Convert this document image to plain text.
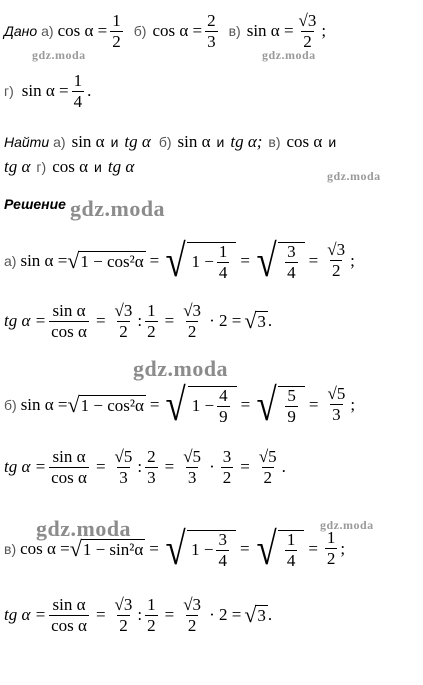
gdz.moda	gdz.moda
gdz.moda
gdz.moda
gdz.moda
gdz.moda	gdz.moda
Дано а) $\cos \alpha = \frac{1}{2} б$) $\cos \alpha = \frac{2}{3} в$) $\sin \alpha = \frac{√3}{2}$ ;
г) $\sin \alpha = \frac{1}{4}$ .
Найти а) sin α и tg α б) sin α и tg α; в) cos α и
tg α г) cos α и tg α
Решение
а) sin α = √ 1 − cos²α = √ $1 - \frac{1}{4}$ = √ $\frac{3}{4} = \frac{√3}{2}$ ;
tg $\alpha = \frac{\text{sin α}}{\text{cos α}} = \frac{√3}{2}$ : $\frac{1}{2} = \frac{√3}{2} \cdot 2$ = √ 3 .
б) sin α = √ 1 − cos²α = √ $1 - \frac{4}{9}$ = √ $\frac{5}{9} = \frac{√5}{3}$ ;
tg $\alpha = \frac{\text{sin α}}{\text{cos α}} = \frac{√5}{3}$ : $\frac{2}{3} = \frac{√5}{3} \cdot \frac{3}{2} = \frac{√5}{2}$ .
в) cos α = √ 1 − sin²α = √ $1 - \frac{3}{4}$ = √ $\frac{1}{4} = \frac{1}{2}$ ;
tg $\alpha = \frac{\text{sin α}}{\text{cos α}} = \frac{√3}{2}$ : $\frac{1}{2} = \frac{√3}{2} \cdot 2$ = √ 3 .
